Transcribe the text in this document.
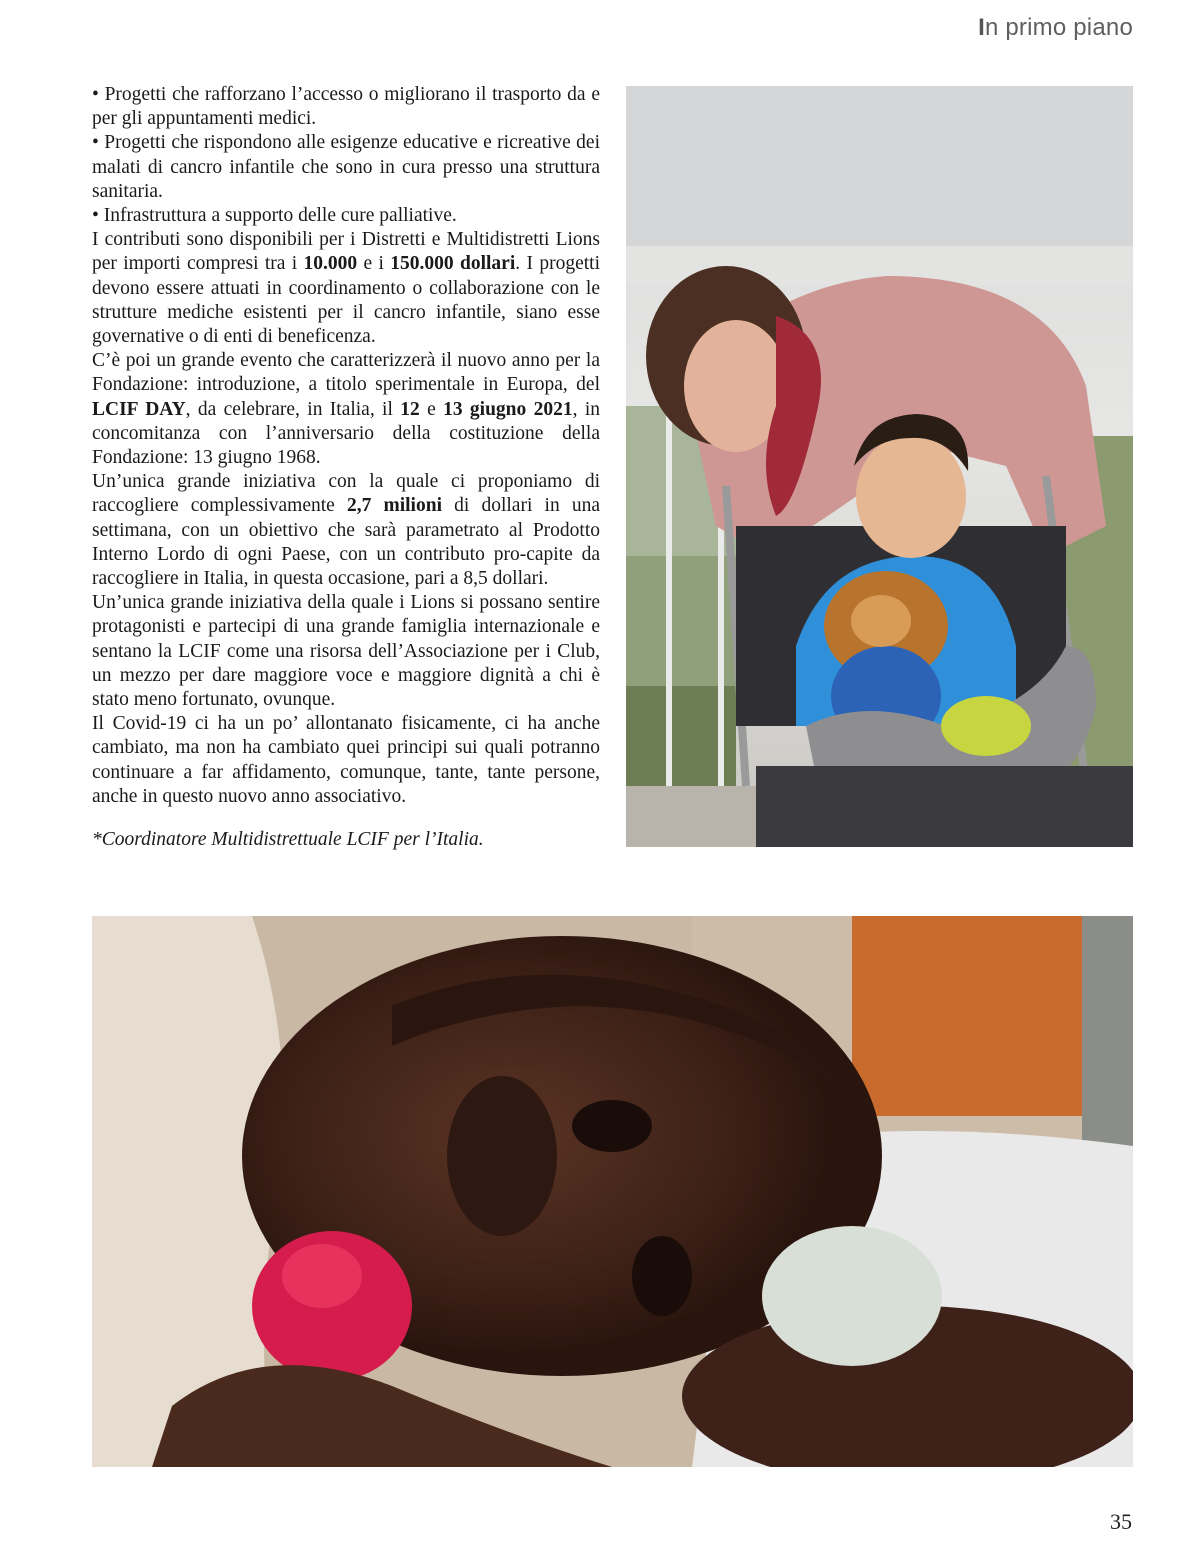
In primo piano

• Progetti che rafforzano l’accesso o migliorano il trasporto da e per gli appuntamenti medici.

• Progetti che rispondono alle esigenze educative e ricreative dei malati di cancro infantile che sono in cura presso una struttura sanitaria.

• Infrastruttura a supporto delle cure palliative.

I contributi sono disponibili per i Distretti e Multidistretti Lions per importi compresi tra i 10.000 e i 150.000 dollari. I progetti devono essere attuati in coordinamento o collaborazione con le strutture mediche esistenti per il cancro infantile, siano esse governative o di enti di beneficenza.

C’è poi un grande evento che caratterizzerà il nuovo anno per la Fondazione: introduzione, a titolo sperimentale in Europa, del LCIF DAY, da celebrare, in Italia, il 12 e 13 giugno 2021, in concomitanza con l’anniversario della costituzione della Fondazione: 13 giugno 1968.

Un’unica grande iniziativa con la quale ci proponiamo di raccogliere complessivamente 2,7 milioni di dollari in una settimana, con un obiettivo che sarà parametrato al Prodotto Interno Lordo di ogni Paese, con un contributo pro-capite da raccogliere in Italia, in questa occasione, pari a 8,5 dollari.

Un’unica grande iniziativa della quale i Lions si possano sentire protagonisti e partecipi di una grande famiglia internazionale e sentano la LCIF come una risorsa dell’Associazione per i Club, un mezzo per dare maggiore voce e maggiore dignità a chi è stato meno fortunato, ovunque.

Il Covid-19 ci ha un po’ allontanato fisicamente, ci ha anche cambiato, ma non ha cambiato quei principi sui quali potranno continuare a far affidamento, comunque, tante, tante persone, anche in questo nuovo anno associativo.

*Coordinatore Multidistrettuale LCIF per l’Italia.
35
